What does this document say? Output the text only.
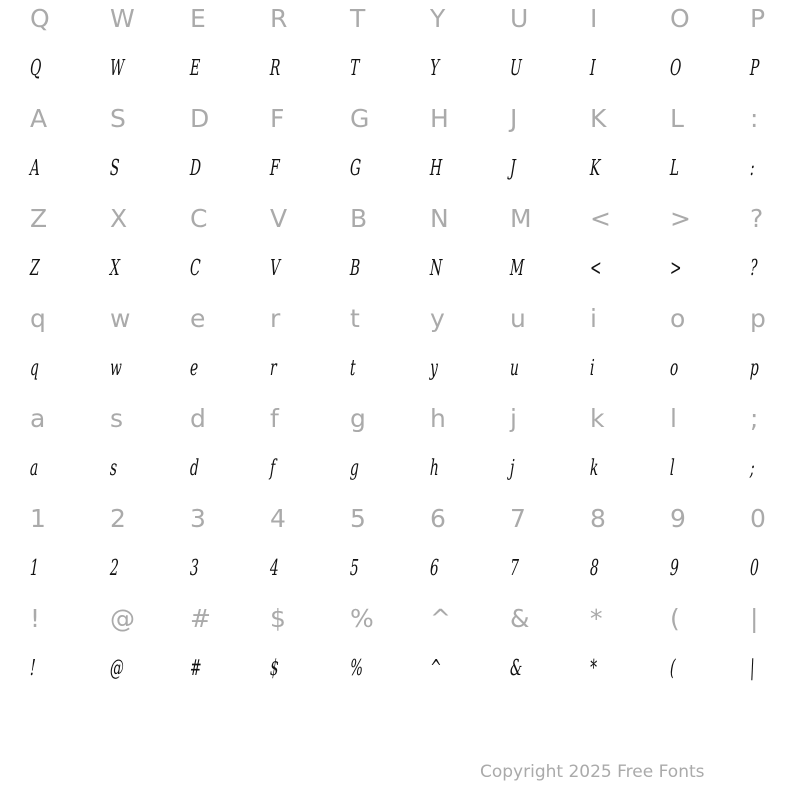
Q	W	E	R	T	Y	U	I	O	P
Q	W	E	R	T	Y	U	I	O	P
A	S	D	F	G	H	J	K	L	:
A	S	D	F	G	H	J	K	L	:
Z	X	C	V	B	N	M	<	>	?
Z	X	C	V	B	N	M	<	>	?
q	w	e	r	t	y	u	i	o	p
q	w	e	r	t	y	u	i	o	p
a	s	d	f	g	h	j	k	l	;
a	s	d	f	g	h	j	k	l	;
1	2	3	4	5	6	7	8	9	0
1	2	3	4	5	6	7	8	9	0
!	@	#	$	%	^	&	*	(	|
!	@	#	$	%	^	&	*	(	|
Copyright 2025 Free Fonts
